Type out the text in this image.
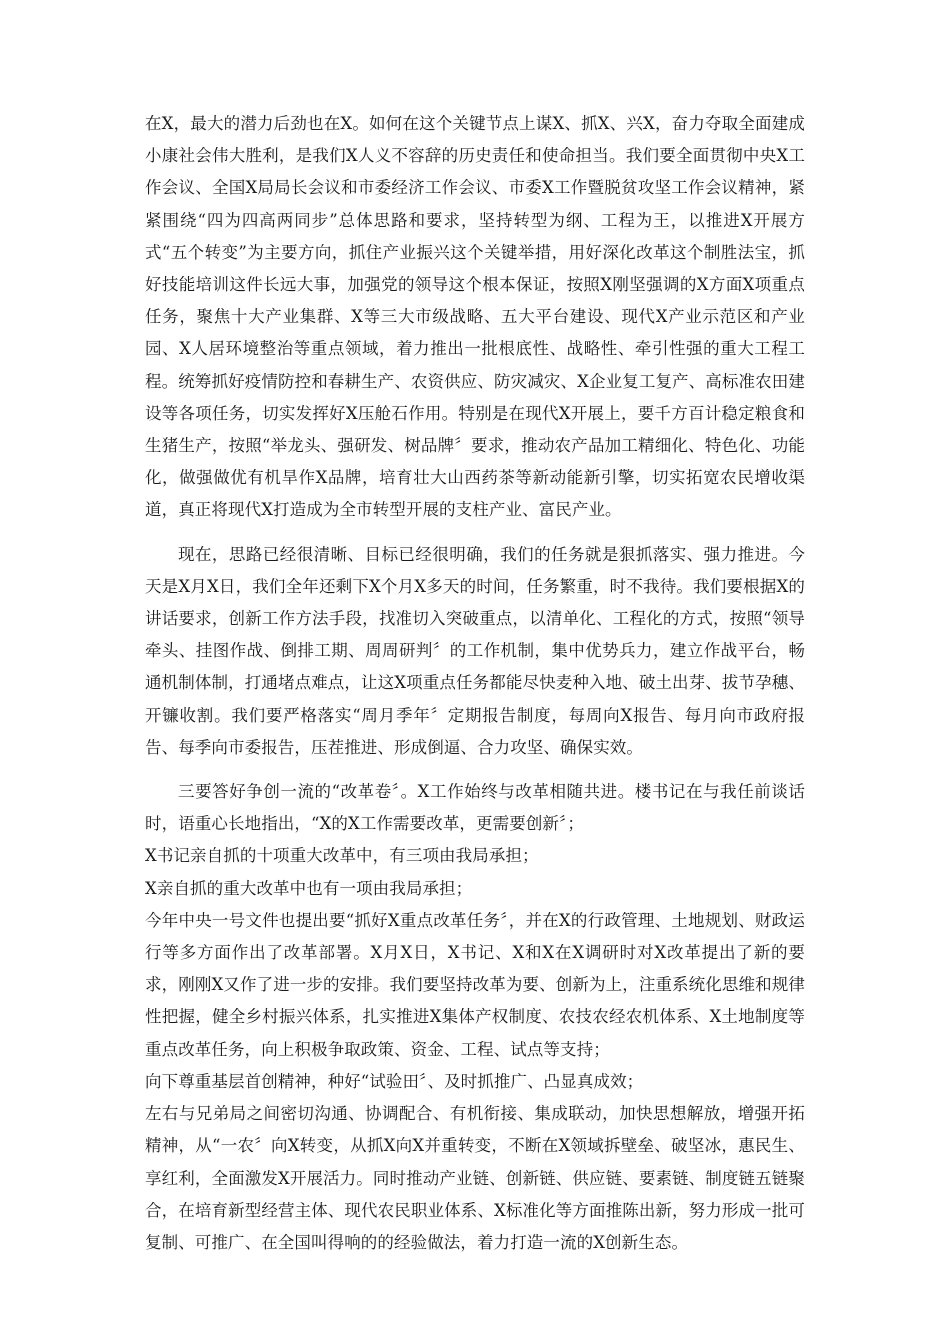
在X，最大的潜力后劲也在X。如何在这个关键节点上谋X、抓X、兴X，奋力夺取全面建成小康社会伟大胜利，是我们X人义不容辞的历史责任和使命担当。我们要全面贯彻中央X工作会议、全国X局局长会议和市委经济工作会议、市委X工作暨脱贫攻坚工作会议精神，紧紧围绕“四为四高两同步”总体思路和要求，坚持转型为纲、工程为王，以推进X开展方式“五个转变”为主要方向，抓住产业振兴这个关键举措，用好深化改革这个制胜法宝，抓好技能培训这件长远大事，加强党的领导这个根本保证，按照X刚坚强调的X方面X项重点任务，聚焦十大产业集群、X等三大市级战略、五大平台建设、现代X产业示范区和产业园、X人居环境整治等重点领域，着力推出一批根底性、战略性、牵引性强的重大工程工程。统筹抓好疫情防控和春耕生产、农资供应、防灾减灾、X企业复工复产、高标准农田建设等各项任务，切实发挥好X压舱石作用。特别是在现代X开展上，要千方百计稳定粮食和生猪生产，按照“举龙头、强研发、树品牌〞要求，推动农产品加工精细化、特色化、功能化，做强做优有机旱作X品牌，培育壮大山西药茶等新动能新引擎，切实拓宽农民增收渠道，真正将现代X打造成为全市转型开展的支柱产业、富民产业。

现在，思路已经很清晰、目标已经很明确，我们的任务就是狠抓落实、强力推进。今天是X月X日，我们全年还剩下X个月X多天的时间，任务繁重，时不我待。我们要根据X的讲话要求，创新工作方法手段，找准切入突破重点，以清单化、工程化的方式，按照“领导牵头、挂图作战、倒排工期、周周研判〞的工作机制，集中优势兵力，建立作战平台，畅通机制体制，打通堵点难点，让这X项重点任务都能尽快麦种入地、破土出芽、拔节孕穗、开镰收割。我们要严格落实“周月季年〞定期报告制度，每周向X报告、每月向市政府报告、每季向市委报告，压茬推进、形成倒逼、合力攻坚、确保实效。

三要答好争创一流的“改革卷〞。X工作始终与改革相随共进。楼书记在与我任前谈话时，语重心长地指出，“X的X工作需要改革，更需要创新〞；

X书记亲自抓的十项重大改革中，有三项由我局承担；

X亲自抓的重大改革中也有一项由我局承担；

今年中央一号文件也提出要“抓好X重点改革任务〞，并在X的行政管理、土地规划、财政运行等多方面作出了改革部署。X月X日，X书记、X和X在X调研时对X改革提出了新的要求，刚刚X又作了进一步的安排。我们要坚持改革为要、创新为上，注重系统化思维和规律性把握，健全乡村振兴体系，扎实推进X集体产权制度、农技农经农机体系、X土地制度等重点改革任务，向上积极争取政策、资金、工程、试点等支持；

向下尊重基层首创精神，种好“试验田〞、及时抓推广、凸显真成效；

左右与兄弟局之间密切沟通、协调配合、有机衔接、集成联动，加快思想解放，增强开拓精神，从“一农〞向X转变，从抓X向X并重转变，不断在X领域拆壁垒、破坚冰，惠民生、享红利，全面激发X开展活力。同时推动产业链、创新链、供应链、要素链、制度链五链聚合，在培育新型经营主体、现代农民职业体系、X标准化等方面推陈出新，努力形成一批可复制、可推广、在全国叫得响的的经验做法，着力打造一流的X创新生态。
